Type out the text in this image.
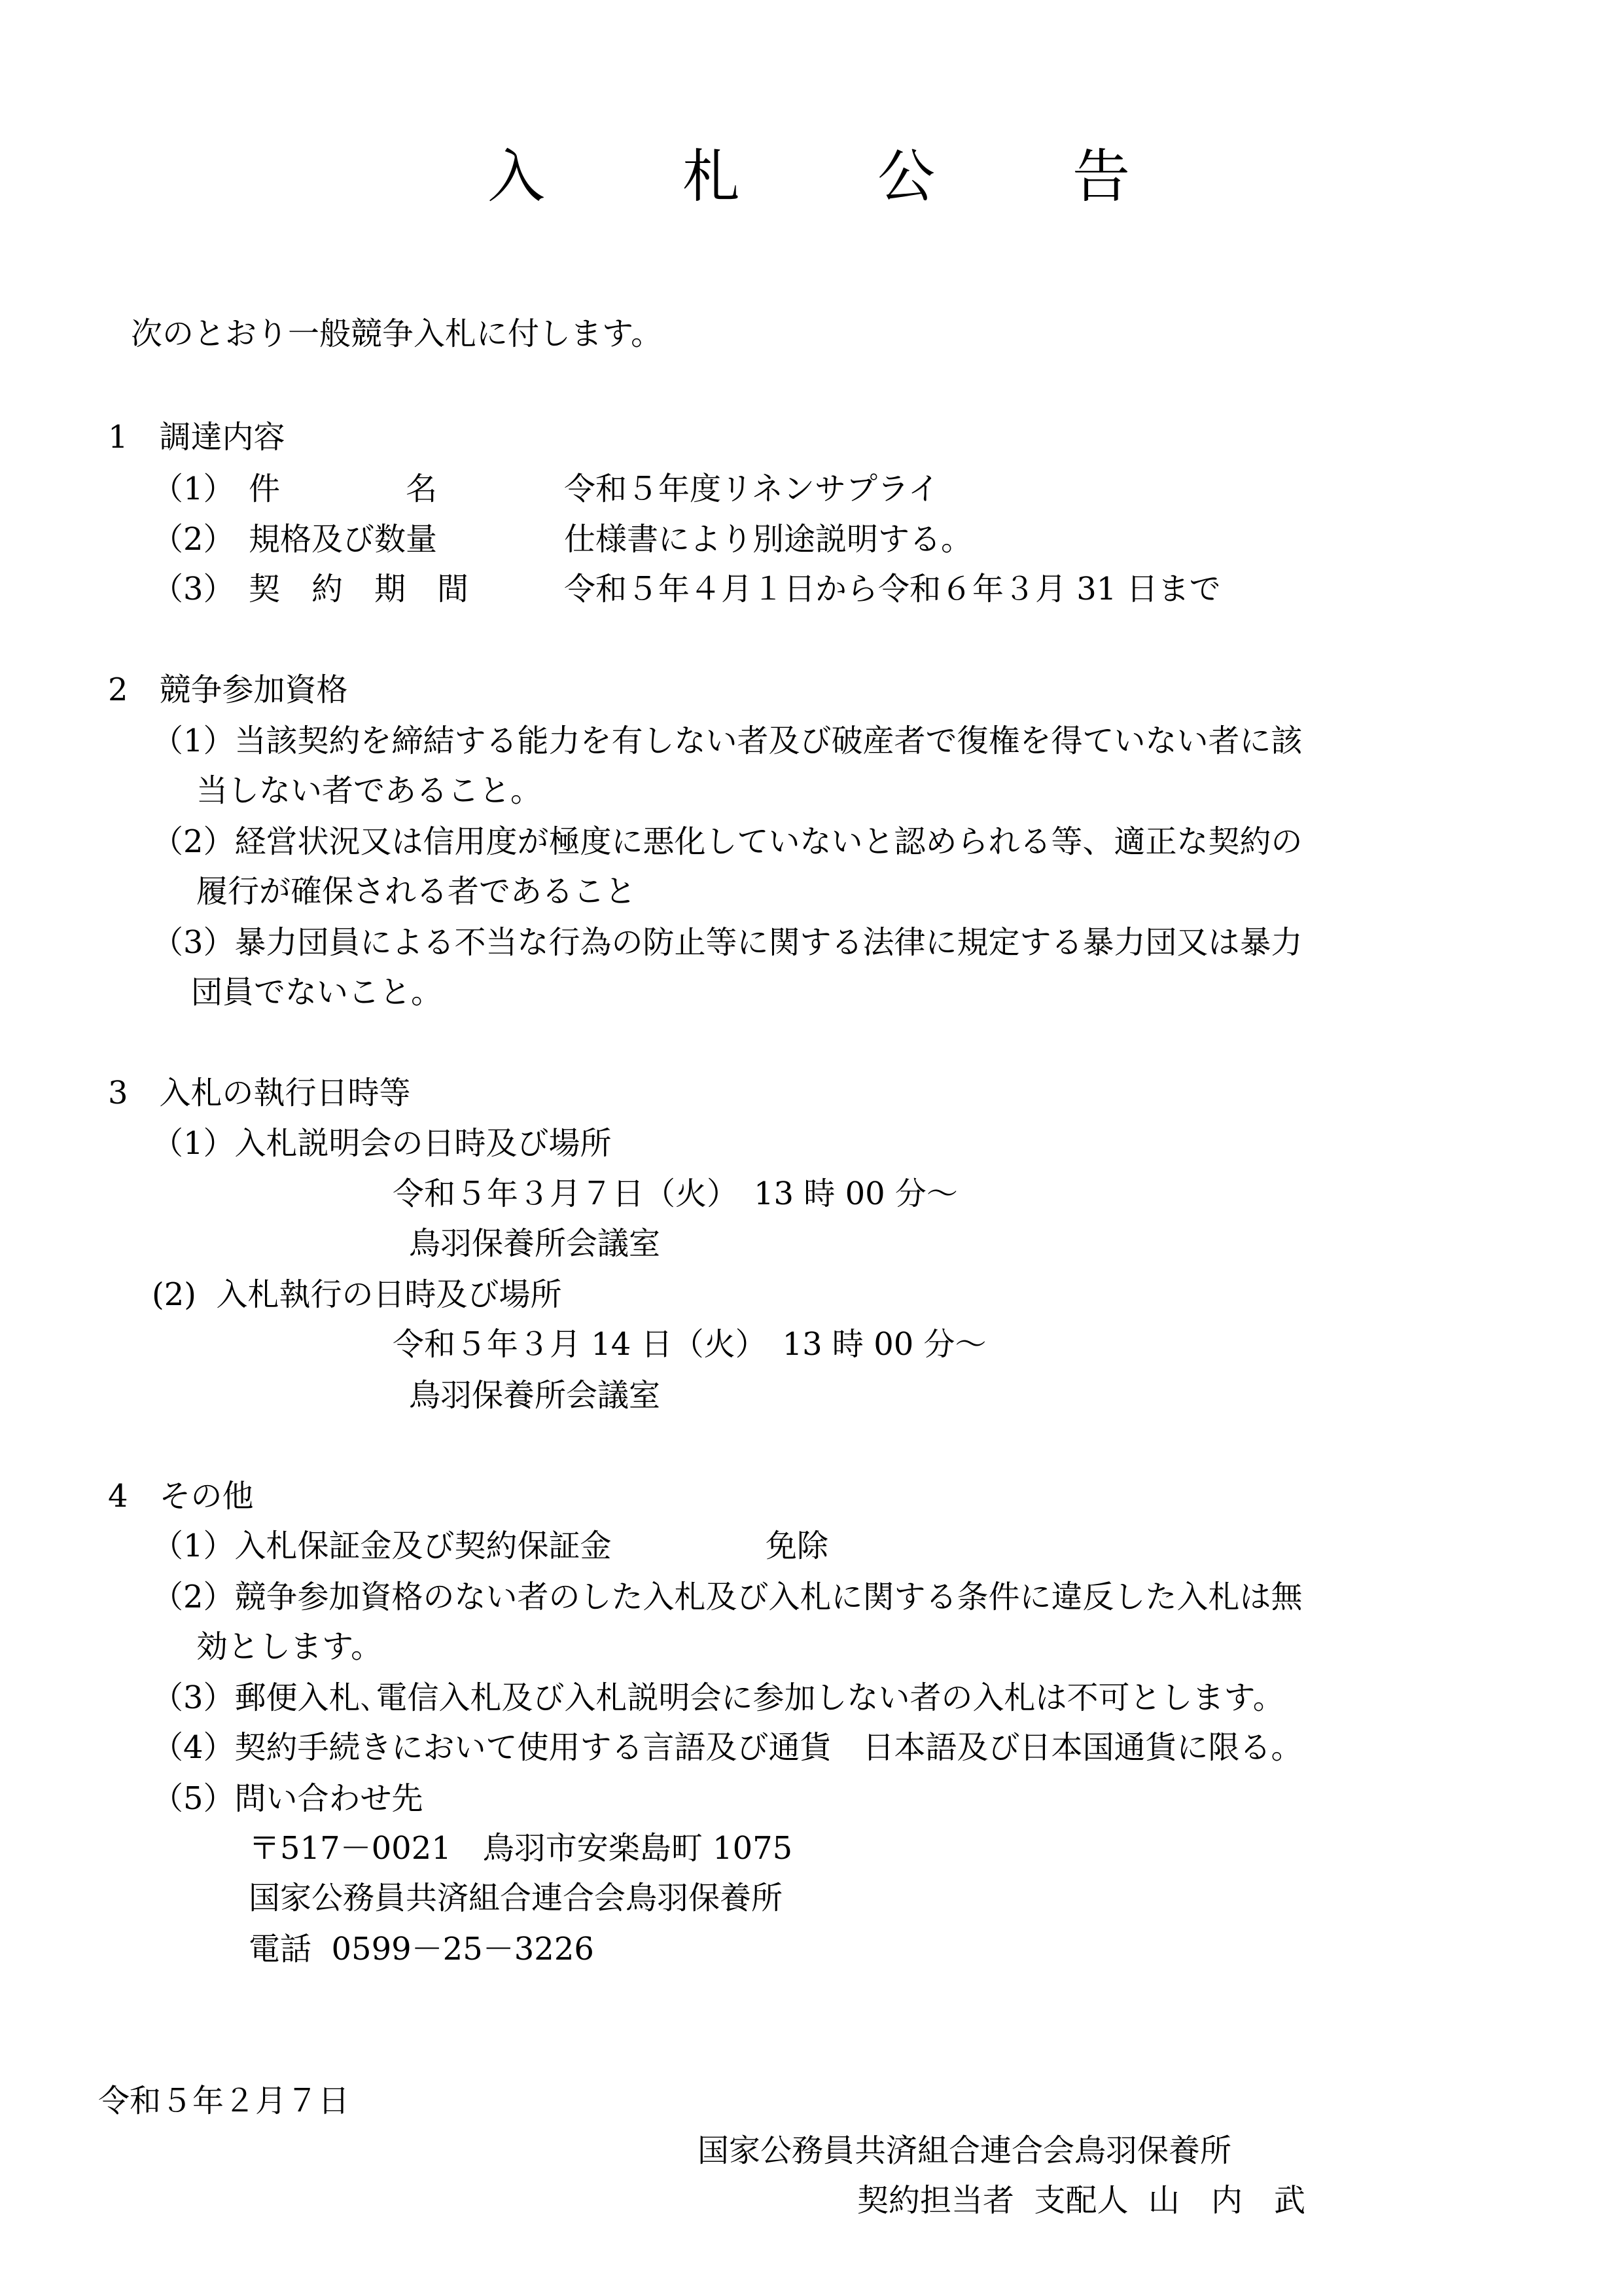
入 札 公 告
次のとおり一般競争入札に付します。
1　調達内容
（1） 件　　　　名	令和５年度リネンサプライ
（2） 規格及び数量	仕様書により別途説明する。
（3） 契　約　期　間	令和５年４月１日から令和６年３月 31 日まで
2　競争参加資格
（1）当該契約を締結する能力を有しない者及び破産者で復権を得ていない者に該
当しない者であること。
（2）経営状況又は信用度が極度に悪化していないと認められる等、適正な契約の
履行が確保される者であること
（3）暴力団員による不当な行為の防止等に関する法律に規定する暴力団又は暴力
団員でないこと。
3　入札の執行日時等
（1）入札説明会の日時及び場所
令和５年３月７日（火）　13 時 00 分～
鳥羽保養所会議室
(2)  入札執行の日時及び場所
令和５年３月 14 日（火）　13 時 00 分～
鳥羽保養所会議室
4　その他
（1）入札保証金及び契約保証金	免除
（2）競争参加資格のない者のした入札及び入札に関する条件に違反した入札は無
効とします。
（3）郵便入札､電信入札及び入札説明会に参加しない者の入札は不可とします。
（4）契約手続きにおいて使用する言語及び通貨　日本語及び日本国通貨に限る。
（5）問い合わせ先
〒517－0021　鳥羽市安楽島町 1075
国家公務員共済組合連合会鳥羽保養所
電話  0599－25－3226
令和５年２月７日
国家公務員共済組合連合会鳥羽保養所
契約担当者  支配人  山　内　武
